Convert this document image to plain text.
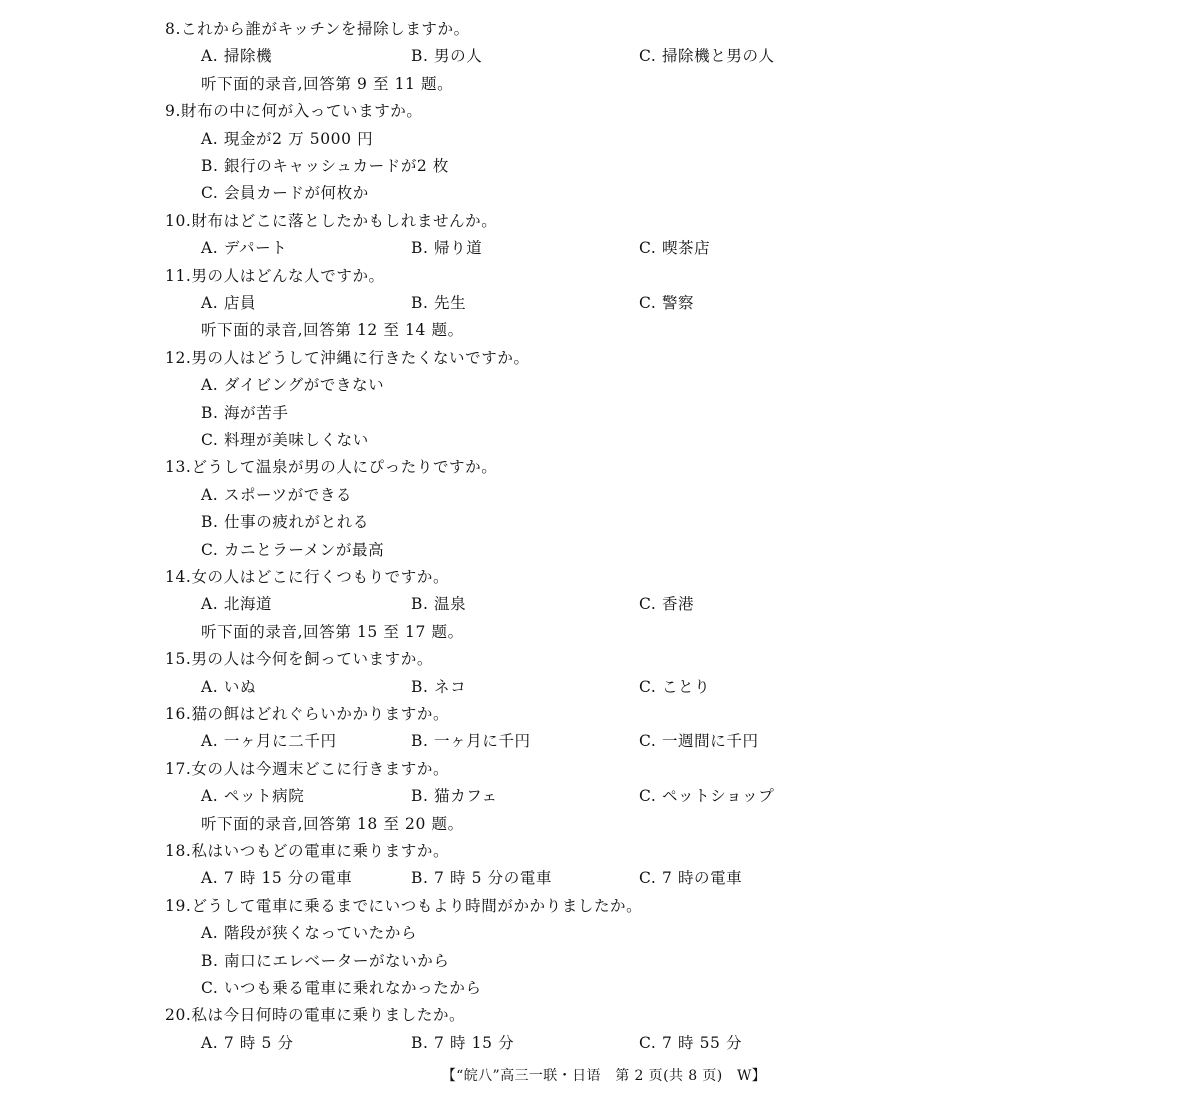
8.これから誰がキッチンを掃除しますか。
A. 掃除機	B. 男の人	C. 掃除機と男の人
听下面的录音,回答第 9 至 11 题。
9.財布の中に何が入っていますか。
A. 現金が2 万 5000 円
B. 銀行のキャッシュカードが2 枚
C. 会員カードが何枚か
10.財布はどこに落としたかもしれませんか。
A. デパート	B. 帰り道	C. 喫茶店
11.男の人はどんな人ですか。
A. 店員	B. 先生	C. 警察
听下面的录音,回答第 12 至 14 题。
12.男の人はどうして沖縄に行きたくないですか。
A. ダイビングができない
B. 海が苦手
C. 料理が美味しくない
13.どうして温泉が男の人にぴったりですか。
A. スポーツができる
B. 仕事の疲れがとれる
C. カニとラーメンが最高
14.女の人はどこに行くつもりですか。
A. 北海道	B. 温泉	C. 香港
听下面的录音,回答第 15 至 17 题。
15.男の人は今何を飼っていますか。
A. いぬ	B. ネコ	C. ことり
16.猫の餌はどれぐらいかかりますか。
A. 一ヶ月に二千円	B. 一ヶ月に千円	C. 一週間に千円
17.女の人は今週末どこに行きますか。
A. ペット病院	B. 猫カフェ	C. ペットショップ
听下面的录音,回答第 18 至 20 题。
18.私はいつもどの電車に乗りますか。
A. 7 時 15 分の電車	B. 7 時 5 分の電車	C. 7 時の電車
19.どうして電車に乗るまでにいつもより時間がかかりましたか。
A. 階段が狭くなっていたから
B. 南口にエレベーターがないから
C. いつも乗る電車に乗れなかったから
20.私は今日何時の電車に乗りましたか。
A. 7 時 5 分	B. 7 時 15 分	C. 7 時 55 分
【“皖八”高三一联・日语　第 2 页(共 8 页)　W】
